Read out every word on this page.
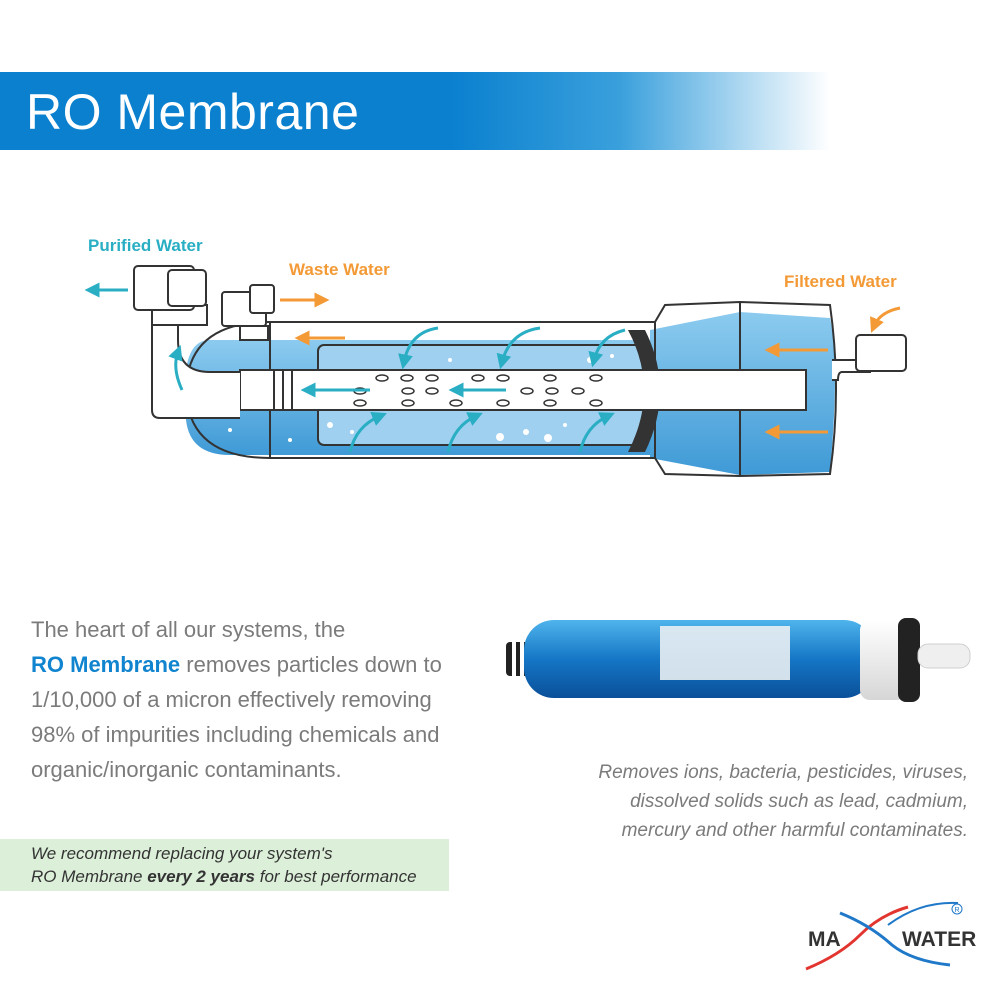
RO Membrane
Purified Water
Waste Water
Filtered Water
The heart of all our systems, the
RO Membrane removes particles down to 1/10,000 of a micron effectively removing 98% of impurities including chemicals and organic/inorganic contaminants.	Removes ions, bacteria, pesticides, viruses, dissolved solids such as lead, cadmium, mercury and other harmful contaminates.
We recommend replacing your system's
RO Membrane every 2 years for best performance
MA	WATER
R
